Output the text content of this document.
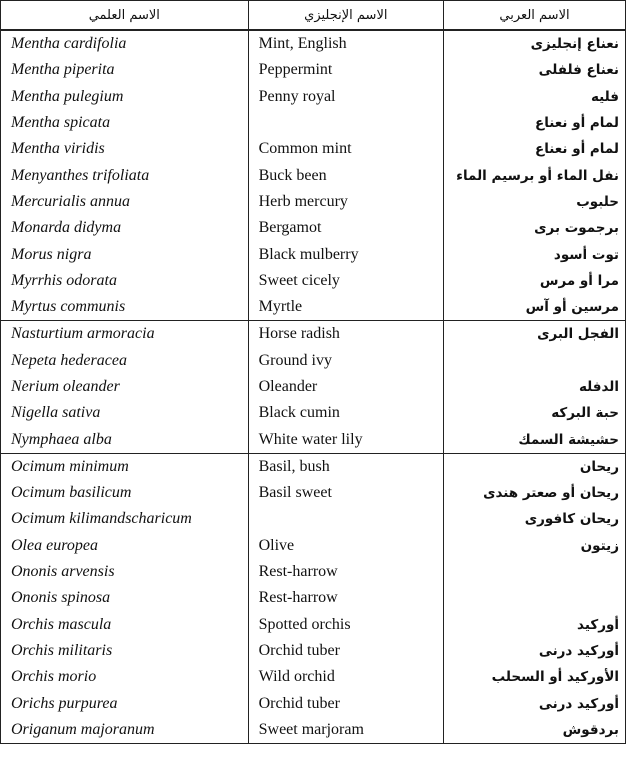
الاسم العلمي	الاسم الإنجليزي	الاسم العربي
Mentha cardifolia	Mint, English	نعناع إنجليزى
Mentha piperita	Peppermint	نعناع فلفلى
Mentha pulegium	Penny royal	فليه
Mentha spicata		لمام أو نعناع
Mentha viridis	Common mint	لمام أو نعناع
Menyanthes trifoliata	Buck been	نفل الماء أو برسيم الماء
Mercurialis annua	Herb mercury	حلبوب
Monarda didyma	Bergamot	برجموت برى
Morus nigra	Black mulberry	توت أسود
Myrrhis odorata	Sweet cicely	مرا أو مرس
Myrtus communis	Myrtle	مرسين أو آس
Nasturtium armoracia	Horse radish	الفجل البرى
Nepeta hederacea	Ground ivy	
Nerium oleander	Oleander	الدفله
Nigella sativa	Black cumin	حبة البركه
Nymphaea alba	White water lily	حشيشة السمك
Ocimum minimum	Basil, bush	ريحان
Ocimum basilicum	Basil sweet	ريحان أو صعتر هندى
Ocimum kilimandscharicum		ريحان كافورى
Olea europea	Olive	زيتون
Ononis arvensis	Rest-harrow	
Ononis spinosa	Rest-harrow	
Orchis mascula	Spotted orchis	أوركيد
Orchis militaris	Orchid tuber	أوركيد درنى
Orchis morio	Wild orchid	الأوركيد أو السحلب
Orichs purpurea	Orchid tuber	أوركيد درنى
Origanum majoranum	Sweet marjoram	بردقوش
